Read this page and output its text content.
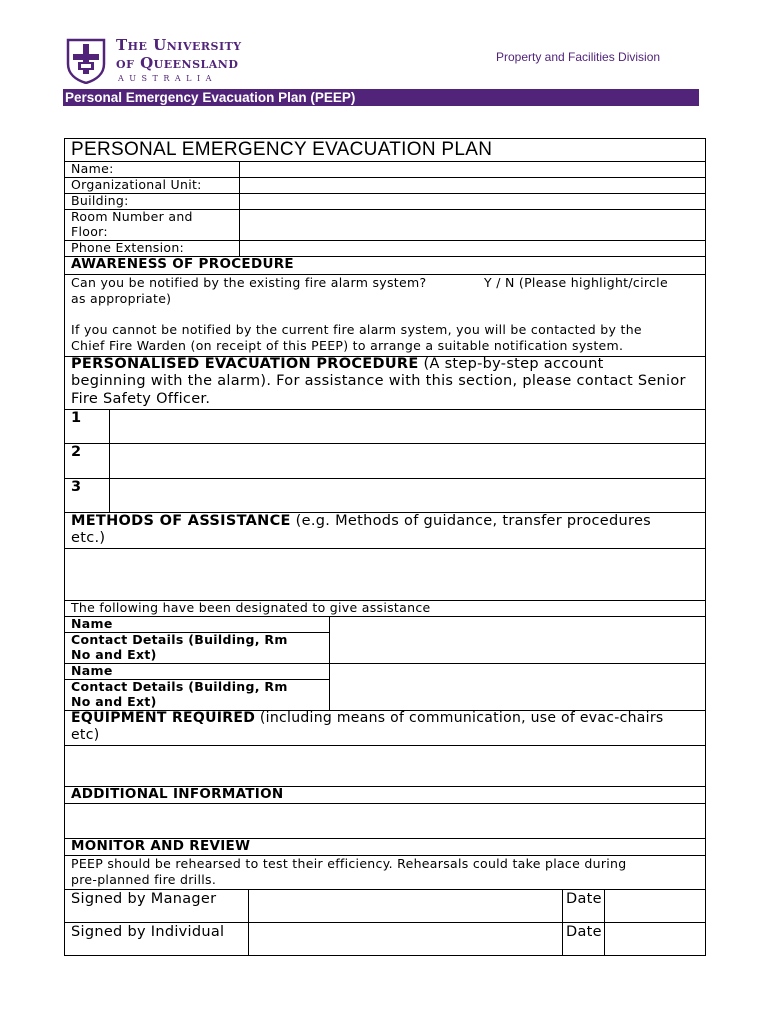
The University
of Queensland
AUSTRALIA
Property and Facilities Division
Personal Emergency Evacuation Plan (PEEP)
PERSONAL EMERGENCY EVACUATION PLAN
Name:
Organizational Unit:
Building:
Room Number and
Floor:
Phone Extension:
AWARENESS OF PROCEDURE
Can you be notified by the existing fire alarm system?	Y / N (Please highlight/circle
as appropriate)
If you cannot be notified by the current fire alarm system, you will be contacted by the
Chief Fire Warden (on receipt of this PEEP) to arrange a suitable notification system.
PERSONALISED EVACUATION PROCEDURE (A step-by-step account
beginning with the alarm). For assistance with this section, please contact Senior
Fire Safety Officer.
1
2
3
METHODS OF ASSISTANCE (e.g. Methods of guidance, transfer procedures
etc.)
The following have been designated to give assistance
Name
Contact Details (Building, Rm
No and Ext)
Name
Contact Details (Building, Rm
No and Ext)
EQUIPMENT REQUIRED (including means of communication, use of evac-chairs
etc)
ADDITIONAL INFORMATION
MONITOR AND REVIEW
PEEP should be rehearsed to test their efficiency. Rehearsals could take place during
pre-planned fire drills.
Signed by Manager	Date
Signed by Individual	Date
